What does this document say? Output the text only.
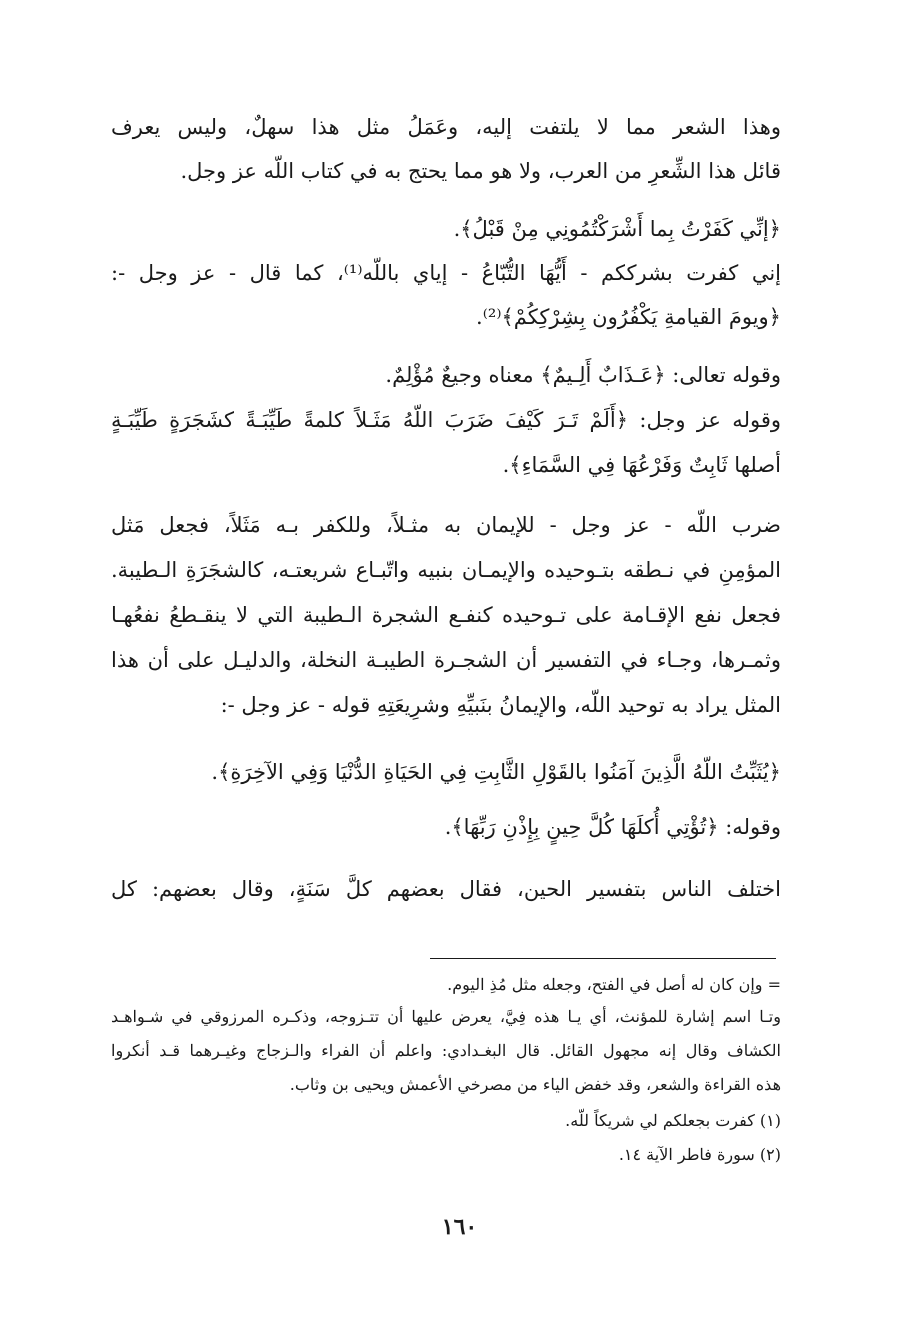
وهذا الشعر مما لا يلتفت إليه، وعَمَلُ مثل هذا سهلٌ، وليس يعرف
قائل هذا الشِّعرِ من العرب، ولا هو مما يحتج به في كتاب اللّه عز وجل.
﴿إنِّي كَفَرْتُ بِما أَشْرَكْتُمُونِي مِنْ قَبْلُ﴾.
إني كفرت بشرككم - أَيُّهَا التُّبّاعُ - إياي باللّه⁽¹⁾، كما قال - عز وجل -:
﴿ويومَ القيامةِ يَكْفُرُون بِشِرْكِكُمْ﴾⁽²⁾.
وقوله تعالى: ﴿عَـذَابٌ أَلِـيمٌ﴾ معناه وجيعٌ مُؤْلِمٌ.
وقوله عز وجل: ﴿أَلَمْ تَـرَ كَيْفَ ضَرَبَ اللّهُ مَثَـلاً كلمةً طَيِّبَـةً كشَجَرَةٍ طَيِّبَـةٍ
أصلها ثَابِتٌ وَفَرْعُهَا فِي السَّمَاءِ﴾.
ضرب اللّه - عز وجل - للإيمان به مثـلاً، وللكفر بـه مَثَلاً، فجعل مَثل
المؤمِنِ في نـطقه بتـوحيده والإيمـان بنبيه واتّبـاع شريعتـه، كالشجَرَةِ الـطيبة.
فجعل نفع الإقـامة على تـوحيده كنفـع الشجرة الـطيبة التي لا ينقـطعُ نفعُهـا
وثمـرها، وجـاء في التفسير أن الشجـرة الطيبـة النخلة، والدليـل على أن هذا
المثل يراد به توحيد اللّه، والإيمانُ بنَبيِّهِ وشرِيعَتِهِ قوله - عز وجل -:
﴿يُثَبِّتُ اللّهُ الَّذِينَ آمَنُوا بالقَوْلِ الثَّابِتِ فِي الحَيَاةِ الدُّنْيَا وَفِي الآخِرَةِ﴾.
وقوله: ﴿تُؤْتِي أُكلَهَا كُلَّ حِينٍ بِإِذْنِ رَبِّهَا﴾.
اختلف الناس بتفسير الحين، فقال بعضهم كلَّ سَنَةٍ، وقال بعضهم: كل
= وإن كان له أصل في الفتح، وجعله مثل مُذِ اليوم.
وتـا اسم إشارة للمؤنث، أي يـا هذه فِيَّ، يعرض عليها أن تتـزوجه، وذكـره المرزوقي في شـواهـد
الكشاف وقال إنه مجهول القائل. قال البغـدادي: واعلم أن الفراء والـزجاج وغيـرهما قـد أنكروا
هذه القراءة والشعر، وقد خفض الياء من مصرخي الأعمش ويحيى بن وثاب.
(١) كفرت بجعلكم لي شريكاً للّه.
(٢) سورة فاطر الآية ١٤.
١٦٠
